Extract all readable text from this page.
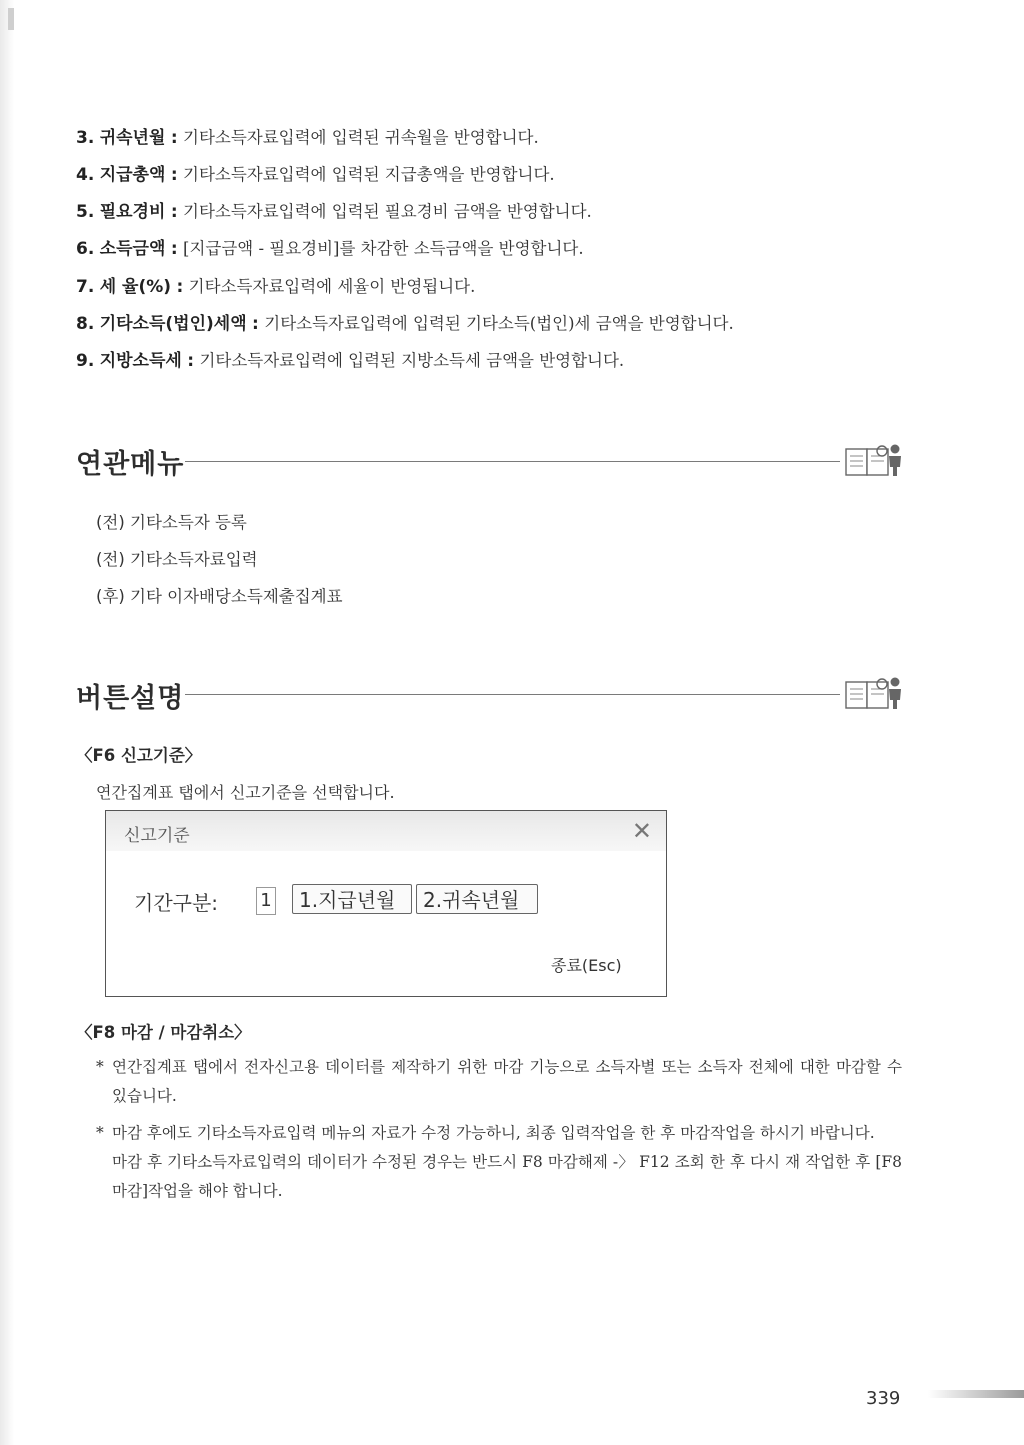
3. 귀속년월 : 기타소득자료입력에 입력된 귀속월을 반영합니다.
4. 지급총액 : 기타소득자료입력에 입력된 지급총액을 반영합니다.
5. 필요경비 : 기타소득자료입력에 입력된 필요경비 금액을 반영합니다.
6. 소득금액 : [지급금액 - 필요경비]를 차감한 소득금액을 반영합니다.
7. 세 율(%) : 기타소득자료입력에 세율이 반영됩니다.
8. 기타소득(법인)세액 : 기타소득자료입력에 입력된 기타소득(법인)세 금액을 반영합니다.
9. 지방소득세 : 기타소득자료입력에 입력된 지방소득세 금액을 반영합니다.
연관메뉴
(전) 기타소득자 등록
(전) 기타소득자료입력
(후) 기타 이자배당소득제출집계표
버튼설명
〈F6 신고기준〉
연간집계표 탭에서 신고기준을 선택합니다.
신고기준	✕
기간구분: 1	1.지급년월	2.귀속년월
종료(Esc)
〈F8 마감 / 마감취소〉
* 연간집계표 탭에서 전자신고용 데이터를 제작하기 위한 마감 기능으로 소득자별 또는 소득자 전체에 대한 마감할 수 있습니다.
* 마감 후에도 기타소득자료입력 메뉴의 자료가 수정 가능하니, 최종 입력작업을 한 후 마감작업을 하시기 바랍니다.
마감 후 기타소득자료입력의 데이터가 수정된 경우는 반드시 F8 마감해제 -〉 F12 조회 한 후 다시 재 작업한 후 [F8 마감]작업을 해야 합니다.
339
